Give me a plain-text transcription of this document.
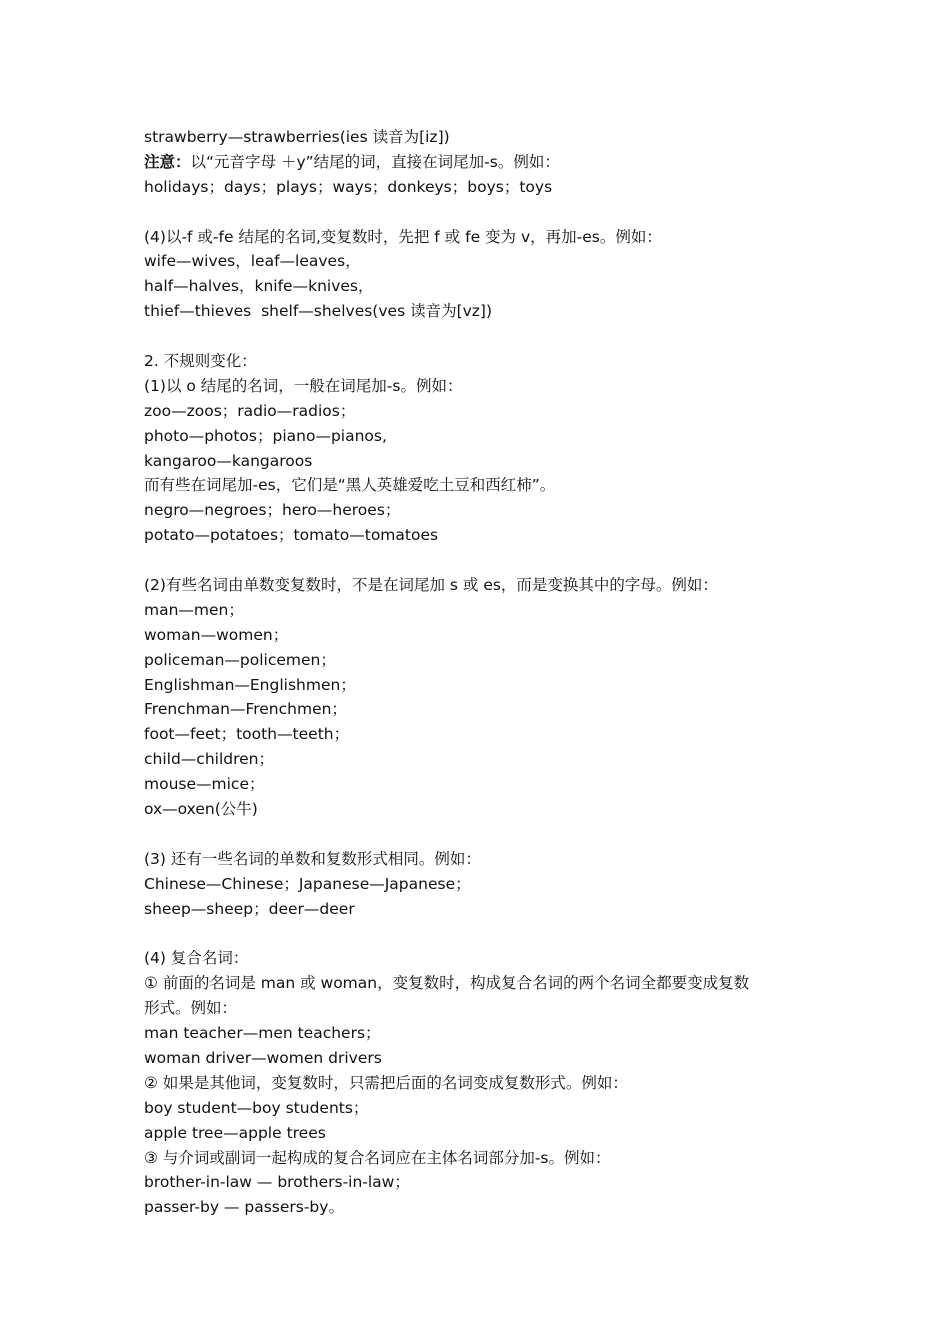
strawberry—strawberries(ies 读音为[iz])
注意：以“元音字母 ＋y”结尾的词，直接在词尾加-s。例如：
holidays；days；plays；ways；donkeys；boys；toys
(4)以-f 或-fe 结尾的名词,变复数时，先把 f 或 fe 变为 v，再加-es。例如：
wife—wives，leaf—leaves，
half—halves，knife—knives，
thief—thieves  shelf—shelves(ves 读音为[vz])
2. 不规则变化：
(1)以 o 结尾的名词，一般在词尾加-s。例如：
zoo—zoos；radio—radios；
photo—photos；piano—pianos,
kangaroo—kangaroos
而有些在词尾加-es，它们是“黑人英雄爱吃土豆和西红柿”。
negro—negroes；hero—heroes；
potato—potatoes；tomato—tomatoes
(2)有些名词由单数变复数时，不是在词尾加 s 或 es，而是变换其中的字母。例如：
man—men；
woman—women；
policeman—policemen；
Englishman—Englishmen；
Frenchman—Frenchmen；
foot—feet；tooth—teeth；
child—children；
mouse—mice；
ox—oxen(公牛)
(3) 还有一些名词的单数和复数形式相同。例如：
Chinese—Chinese；Japanese—Japanese；
sheep—sheep；deer—deer
(4) 复合名词：
① 前面的名词是 man 或 woman，变复数时，构成复合名词的两个名词全都要变成复数
形式。例如：
man teacher—men teachers；
woman driver—women drivers
② 如果是其他词，变复数时，只需把后面的名词变成复数形式。例如：
boy student—boy students；
apple tree—apple trees
③ 与介词或副词一起构成的复合名词应在主体名词部分加-s。例如：
brother-in-law — brothers-in-law；
passer-by — passers-by。
